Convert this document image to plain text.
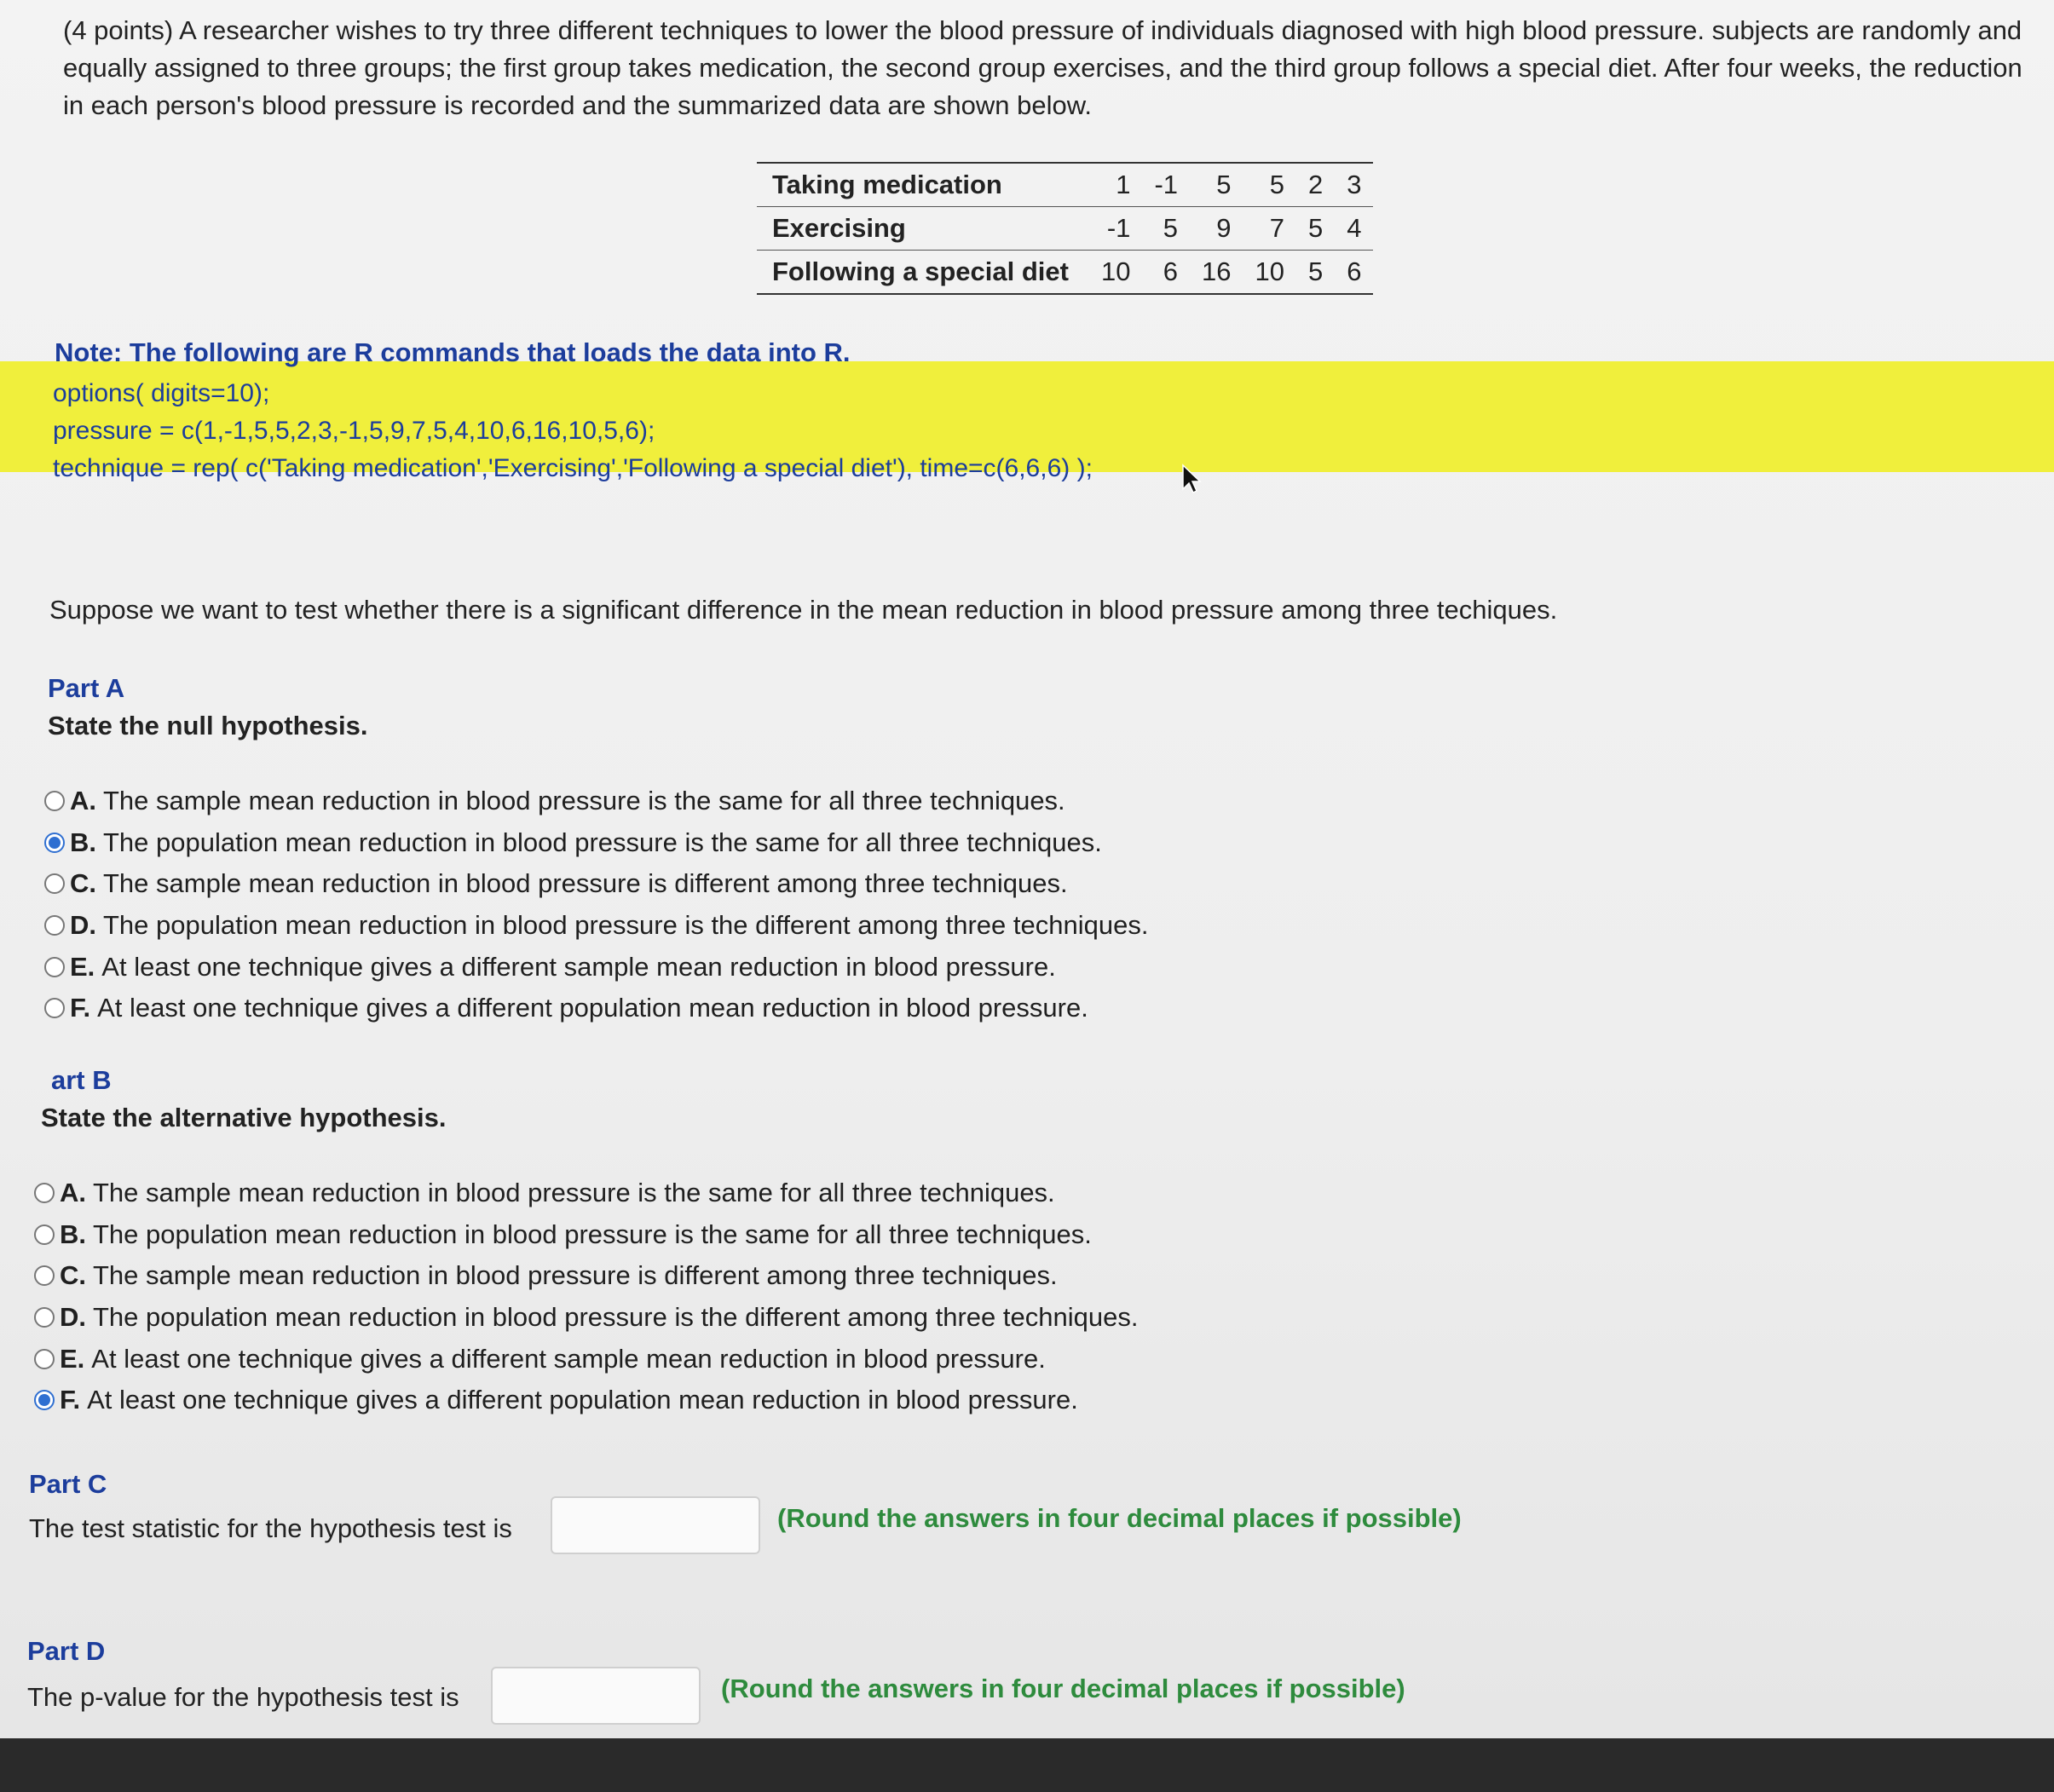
(4 points) A researcher wishes to try three different techniques to lower the blood pressure of individuals diagnosed with high blood pressure. subjects are randomly and equally assigned to three groups; the first group takes medication, the second group exercises, and the third group follows a special diet. After four weeks, the reduction in each person's blood pressure is recorded and the summarized data are shown below.
Taking medication	1	-1	5	5	2	3
Exercising	-1	5	9	7	5	4
Following a special diet	10	6	16	10	5	6
Note: The following are R commands that loads the data into R.
options( digits=10);
pressure = c(1,-1,5,5,2,3,-1,5,9,7,5,4,10,6,16,10,5,6);
technique = rep( c('Taking medication','Exercising','Following a special diet'), time=c(6,6,6) );
Suppose we want to test whether there is a significant difference in the mean reduction in blood pressure among three techiques.
Part A
State the null hypothesis.
A. The sample mean reduction in blood pressure is the same for all three techniques.
B. The population mean reduction in blood pressure is the same for all three techniques.
C. The sample mean reduction in blood pressure is different among three techniques.
D. The population mean reduction in blood pressure is the different among three techniques.
E. At least one technique gives a different sample mean reduction in blood pressure.
F. At least one technique gives a different population mean reduction in blood pressure.
art B
State the alternative hypothesis.
A. The sample mean reduction in blood pressure is the same for all three techniques.
B. The population mean reduction in blood pressure is the same for all three techniques.
C. The sample mean reduction in blood pressure is different among three techniques.
D. The population mean reduction in blood pressure is the different among three techniques.
E. At least one technique gives a different sample mean reduction in blood pressure.
F. At least one technique gives a different population mean reduction in blood pressure.
Part C
The test statistic for the hypothesis test is	(Round the answers in four decimal places if possible)
Part D
The p-value for the hypothesis test is	(Round the answers in four decimal places if possible)
